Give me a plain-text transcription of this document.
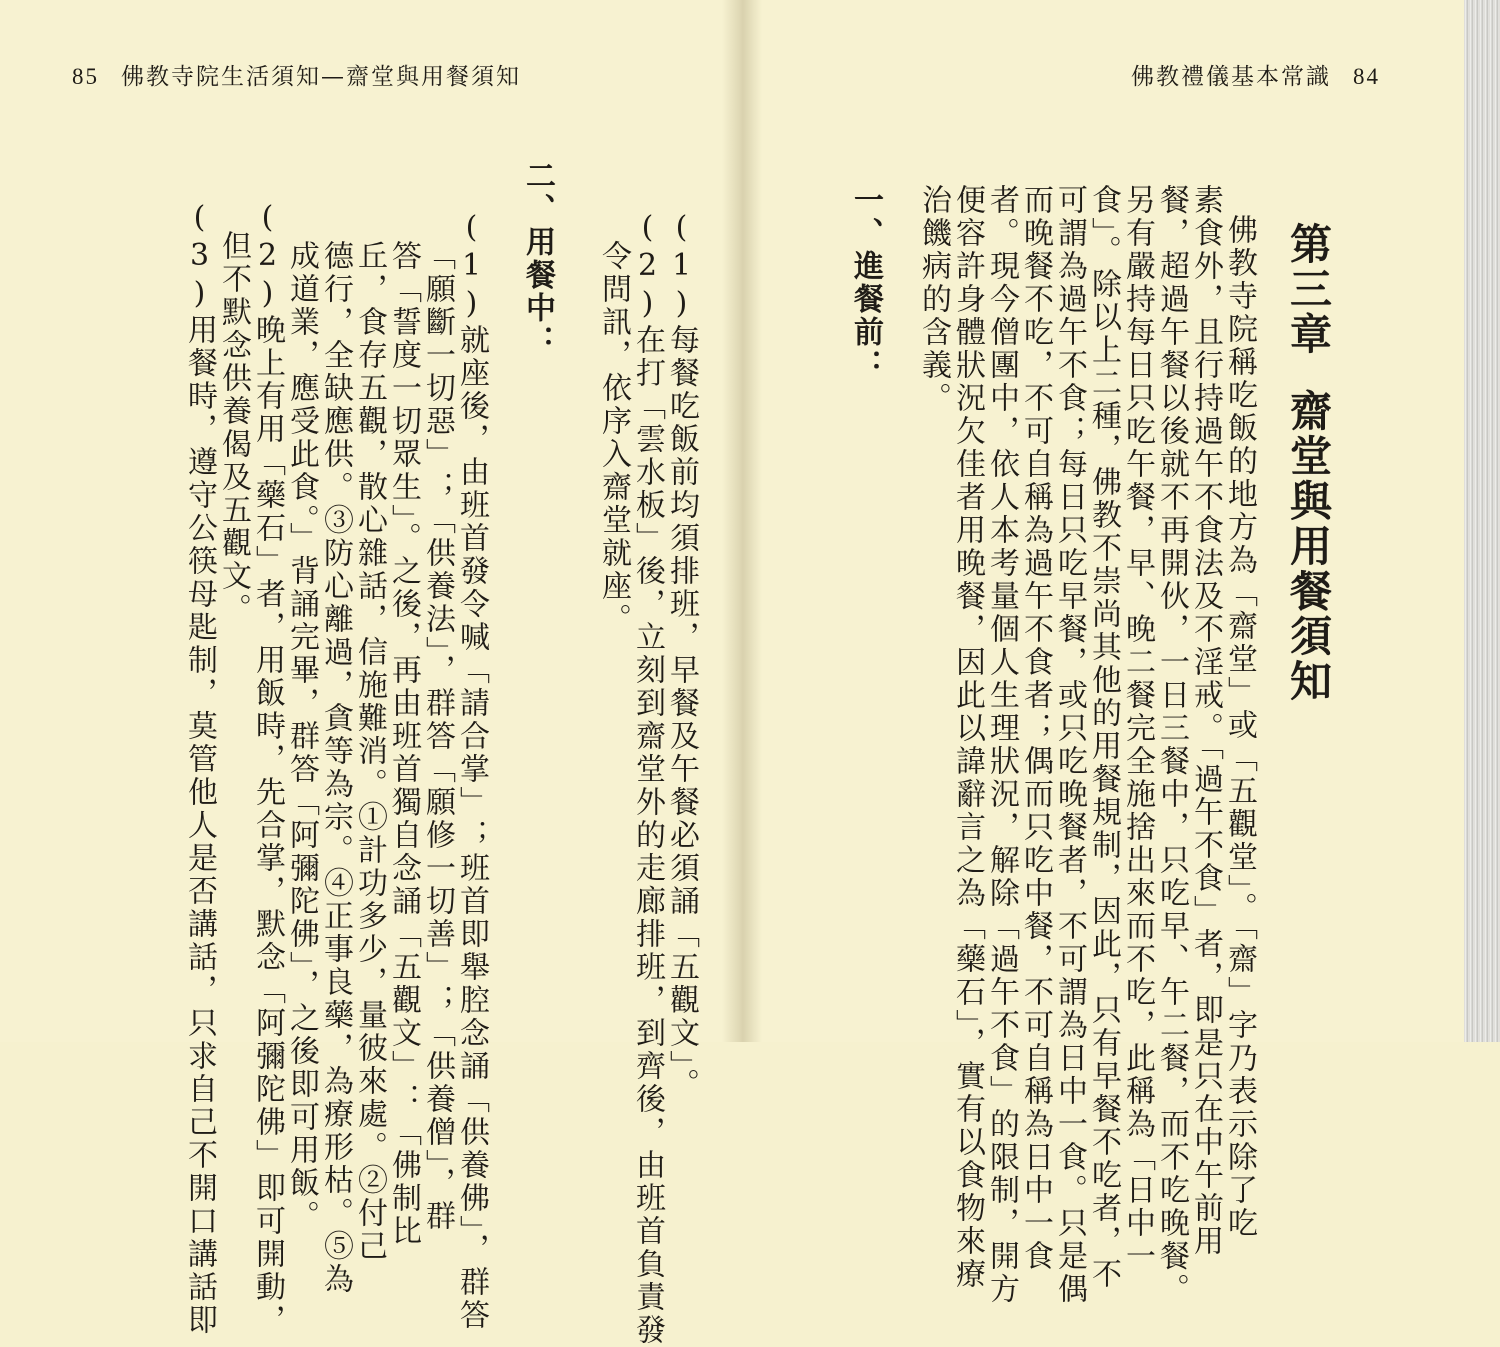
85 佛教寺院生活須知—齋堂與用餐須知	佛教禮儀基本常識 84
第三章齋堂與用餐須知
佛教寺院稱吃飯的地方為「齋堂」或「五觀堂」。「齋」字乃表示除了吃
素食外，且行持過午不食法及不淫戒。「過午不食」者，即是只在中午前用
餐，超過午餐以後就不再開伙，一日三餐中，只吃早、午二餐，而不吃晚餐。
另有嚴持每日只吃午餐，早、晚二餐完全施捨出來而不吃，此稱為「日中一
食」。除以上二種，佛教不崇尚其他的用餐規制，因此，只有早餐不吃者，不
可謂為過午不食；每日只吃早餐，或只吃晚餐者，不可謂為日中一食。只是偶
而晚餐不吃，不可自稱為過午不食者；偶而只吃中餐，不可自稱為日中一食
者。現今僧團中，依人本考量個人生理狀況，解除「過午不食」的限制，開方
便容許身體狀況欠佳者用晚餐，因此以諱辭言之為「藥石」，實有以食物來療
治饑病的含義。
一、進餐前：
(1)每餐吃飯前均須排班，早餐及午餐必須誦「五觀文」。
(2)在打「雲水板」後，立刻到齋堂外的走廊排班，到齊後，由班首負責發
令問訊，依序入齋堂就座。
二、用餐中：
(1)就座後，由班首發令喊「請合掌」；班首即舉腔念誦「供養佛」，群答
「願斷一切惡」；「供養法」，群答「願修一切善」；「供養僧」，群
答「誓度一切眾生」。之後，再由班首獨自念誦「五觀文」：「佛制比
丘，食存五觀，散心雜話，信施難消。①計功多少，量彼來處。②付己
德行，全缺應供。③防心離過，貪等為宗。④正事良藥，為療形枯。⑤為
成道業，應受此食。」背誦完畢，群答「阿彌陀佛」，之後即可用飯。
(2)晚上有用「藥石」者，用飯時，先合掌，默念「阿彌陀佛」即可開動，
但不默念供養偈及五觀文。
(3)用餐時，遵守公筷母匙制，莫管他人是否講話，只求自己不開口講話即
